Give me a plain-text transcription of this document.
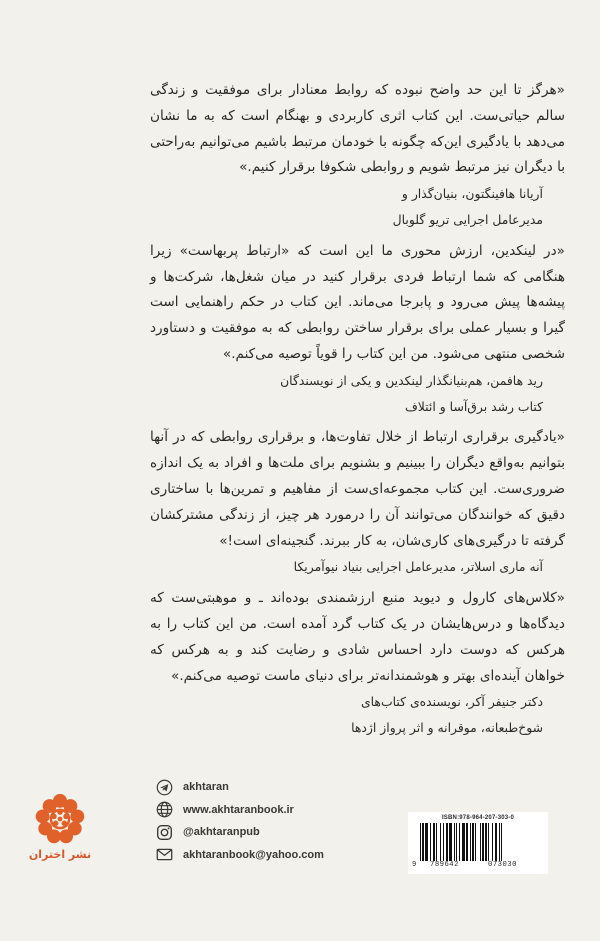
«هرگز تا این حد واضح نبوده که روابط معنادار برای موفقیت و زندگی سالم حیاتی‌ست. این کتاب اثری کاربردی و بهنگام است که به ما نشان می‌دهد با یادگیری این‌که چگونه با خودمان مرتبط باشیم می‌توانیم به‌راحتی با دیگران نیز مرتبط شویم و روابطی شکوفا برقرار کنیم.»

آریانا هافینگتون، بنیان‌گذار و

مدیرعامل اجرایی تریو گلوبال

«در لینکدین، ارزش محوری ما این است که «ارتباط پربهاست» زیرا هنگامی که شما ارتباط فردی برقرار کنید در میان شغل‌ها، شرکت‌ها و پیشه‌ها پیش می‌رود و پابرجا می‌ماند. این کتاب در حکم راهنمایی است گیرا و بسیار عملی برای برقرار ساختن روابطی که به موفقیت و دستاورد شخصی منتهی می‌شود. من این کتاب را قویاً توصیه می‌کنم.»

رید هافمن، هم‌بنیانگذار لینکدین و یکی از نویسندگان

کتاب رشد برق‌آسا و ائتلاف

«یادگیری برقراری ارتباط از خلال تفاوت‌ها، و برقراری روابطی که در آنها بتوانیم به‌واقع دیگران را ببینیم و بشنویم برای ملت‌ها و افراد به یک اندازه ضروری‌ست. این کتاب مجموعه‌ای‌ست از مفاهیم و تمرین‌ها با ساختاری دقیق که خوانندگان می‌توانند آن را درمورد هر چیز، از زندگی مشترکشان گرفته تا درگیری‌های کاری‌شان، به کار ببرند. گنجینه‌ای است!»

آنه ماری اسلاتر، مدیرعامل اجرایی بنیاد نیوآمریکا

«کلاس‌های کارول و دیوید منبع ارزشمندی بوده‌اند ـ و موهبتی‌ست که دیدگاه‌ها و درس‌هایشان در یک کتاب گرد آمده است. من این کتاب را به هرکس که دوست دارد احساس شادی و رضایت کند و به هرکس که خواهان آینده‌ای بهتر و هوشمندانه‌تر برای دنیای ماست توصیه می‌کنم.»

دکتر جنیفر آکر، نویسنده‌ی کتاب‌های

شوخ‌طبعانه، موقرانه و اثر پرواز اژدها

نشر اختران
akhtaran
www.akhtaranbook.ir
@akhtaranpub
akhtaranbook@yahoo.com
ISBN:978-964-207-303-0
9 789642	073030
